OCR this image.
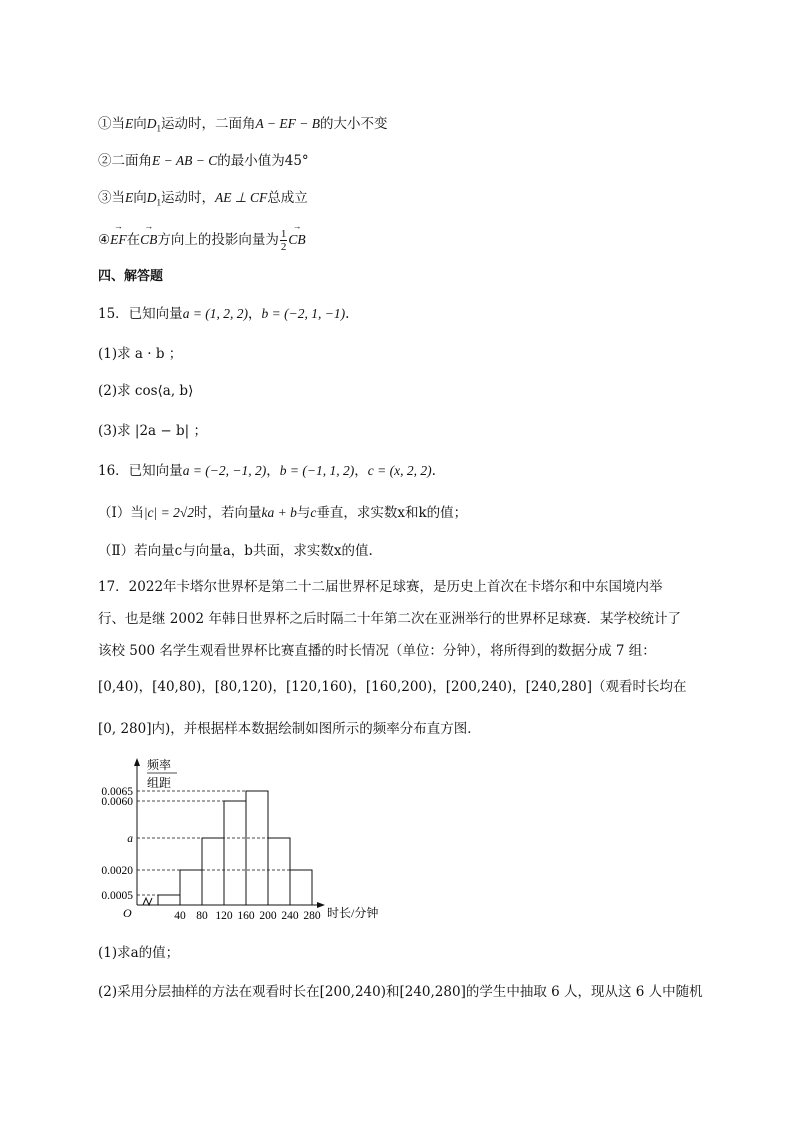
①当E向$D_1$运动时，二面角A − EF − B的大小不变
②二面角E − AB − C的最小值为45°
③当E向$D_1$运动时，AE ⊥ CF总成立
④
→
EF在
→
CB方向上的投影向量为 $\frac{1}{2}$
→
CB
四、解答题
15．已知向量a = (1, 2, 2)，b = (−2, 1, −1).
(1)求 a · b ；
(2)求 cos⟨a, b⟩
(3)求 |2a − b| ；
16．已知向量a = (−2, −1, 2)，b = (−1, 1, 2)，c = (x, 2, 2).
（Ⅰ）当|c| = 2√2时，若向量ka + b与c垂直，求实数x和k的值；
（Ⅱ）若向量c与向量a，b共面，求实数x的值.
17．2022年卡塔尔世界杯是第二十二届世界杯足球赛，是历史上首次在卡塔尔和中东国境内举
行、也是继 2002 年韩日世界杯之后时隔二十年第二次在亚洲举行的世界杯足球赛．某学校统计了
该校 500 名学生观看世界杯比赛直播的时长情况（单位：分钟），将所得到的数据分成 7 组：
[0,40)，[40,80)，[80,120)，[120,160)，[160,200)，[200,240)，[240,280]（观看时长均在
[0, 280]内)，并根据样本数据绘制如图所示的频率分布直方图．
频率
组距
时长/分钟
O
0.0065
0.0060
a
0.0020
0.0005
40 80 120 160 200 240 280
(1)求a的值；
(2)采用分层抽样的方法在观看时长在[200,240)和[240,280]的学生中抽取 6 人，现从这 6 人中随机
